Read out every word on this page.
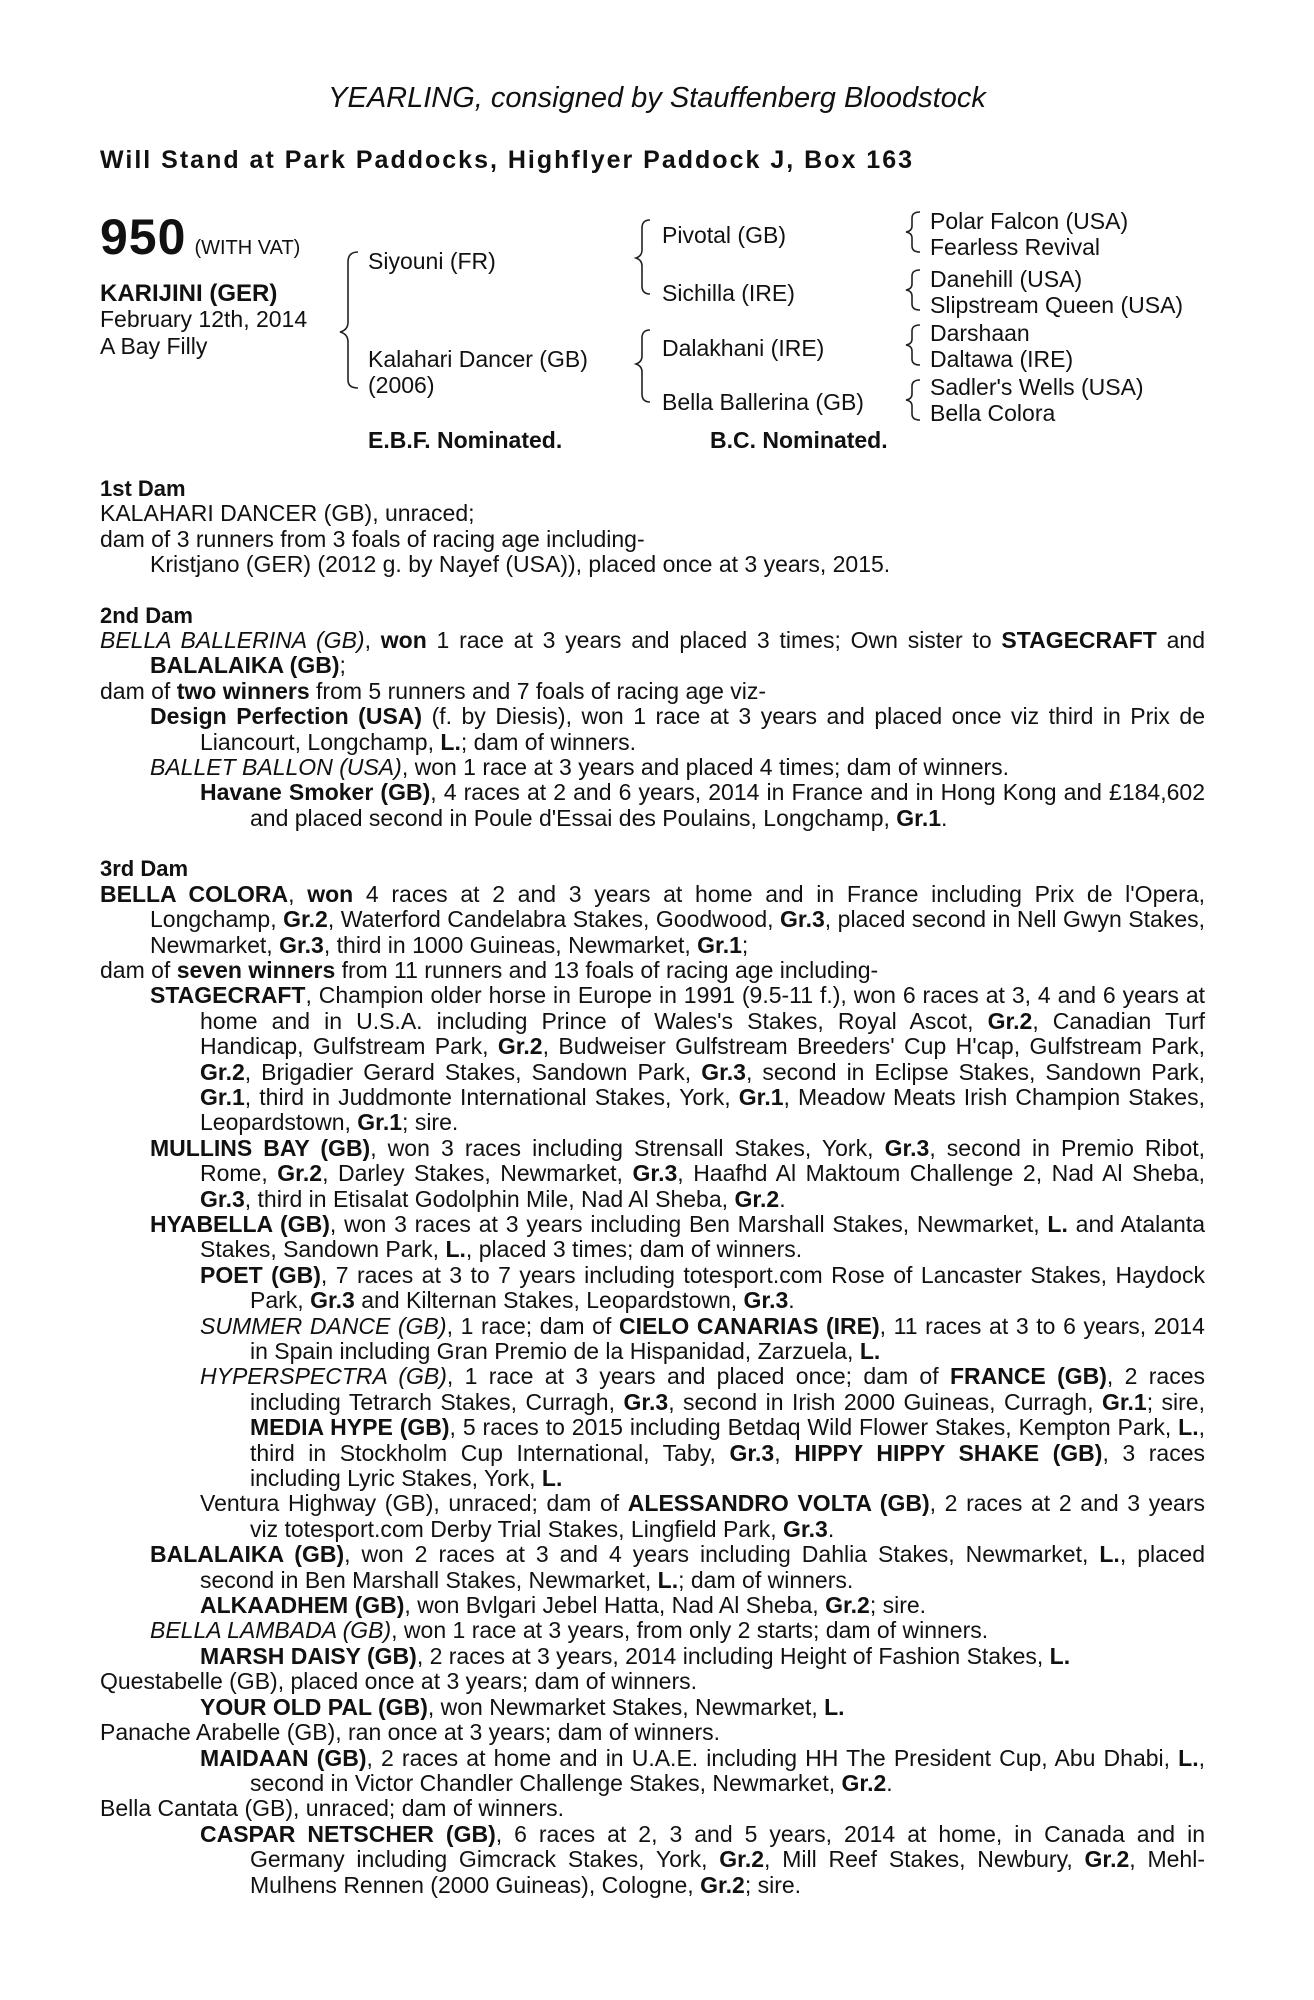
YEARLING, consigned by Stauffenberg Bloodstock
Will Stand at Park Paddocks, Highflyer Paddock J, Box 163
950 (WITH VAT)
KARIJINI (GER)
February 12th, 2014
A Bay Filly
Siyouni (FR)
Kalahari Dancer (GB)
(2006)
Pivotal (GB)
Sichilla (IRE)
Dalakhani (IRE)
Bella Ballerina (GB)
Polar Falcon (USA)
Fearless Revival
Danehill (USA)
Slipstream Queen (USA)
Darshaan
Daltawa (IRE)
Sadler's Wells (USA)
Bella Colora
E.B.F. Nominated.	B.C. Nominated.
1st Dam
KALAHARI DANCER (GB), unraced;
dam of 3 runners from 3 foals of racing age including-
Kristjano (GER) (2012 g. by Nayef (USA)), placed once at 3 years, 2015.
2nd Dam
BELLA BALLERINA (GB), won 1 race at 3 years and placed 3 times; Own sister to STAGECRAFT and BALALAIKA (GB);
dam of two winners from 5 runners and 7 foals of racing age viz-
Design Perfection (USA) (f. by Diesis), won 1 race at 3 years and placed once viz third in Prix de Liancourt, Longchamp, L.; dam of winners.
BALLET BALLON (USA), won 1 race at 3 years and placed 4 times; dam of winners.
Havane Smoker (GB), 4 races at 2 and 6 years, 2014 in France and in Hong Kong and £184,602 and placed second in Poule d'Essai des Poulains, Longchamp, Gr.1.
3rd Dam
BELLA COLORA, won 4 races at 2 and 3 years at home and in France including Prix de l'Opera, Longchamp, Gr.2, Waterford Candelabra Stakes, Goodwood, Gr.3, placed second in Nell Gwyn Stakes, Newmarket, Gr.3, third in 1000 Guineas, Newmarket, Gr.1;
dam of seven winners from 11 runners and 13 foals of racing age including-
STAGECRAFT, Champion older horse in Europe in 1991 (9.5-11 f.), won 6 races at 3, 4 and 6 years at home and in U.S.A. including Prince of Wales's Stakes, Royal Ascot, Gr.2, Canadian Turf Handicap, Gulfstream Park, Gr.2, Budweiser Gulfstream Breeders' Cup H'cap, Gulfstream Park, Gr.2, Brigadier Gerard Stakes, Sandown Park, Gr.3, second in Eclipse Stakes, Sandown Park, Gr.1, third in Juddmonte International Stakes, York, Gr.1, Meadow Meats Irish Champion Stakes, Leopardstown, Gr.1; sire.
MULLINS BAY (GB), won 3 races including Strensall Stakes, York, Gr.3, second in Premio Ribot, Rome, Gr.2, Darley Stakes, Newmarket, Gr.3, Haafhd Al Maktoum Challenge 2, Nad Al Sheba, Gr.3, third in Etisalat Godolphin Mile, Nad Al Sheba, Gr.2.
HYABELLA (GB), won 3 races at 3 years including Ben Marshall Stakes, Newmarket, L. and Atalanta Stakes, Sandown Park, L., placed 3 times; dam of winners.
POET (GB), 7 races at 3 to 7 years including totesport.com Rose of Lancaster Stakes, Haydock Park, Gr.3 and Kilternan Stakes, Leopardstown, Gr.3.
SUMMER DANCE (GB), 1 race; dam of CIELO CANARIAS (IRE), 11 races at 3 to 6 years, 2014 in Spain including Gran Premio de la Hispanidad, Zarzuela, L.
HYPERSPECTRA (GB), 1 race at 3 years and placed once; dam of FRANCE (GB), 2 races including Tetrarch Stakes, Curragh, Gr.3, second in Irish 2000 Guineas, Curragh, Gr.1; sire, MEDIA HYPE (GB), 5 races to 2015 including Betdaq Wild Flower Stakes, Kempton Park, L., third in Stockholm Cup International, Taby, Gr.3, HIPPY HIPPY SHAKE (GB), 3 races including Lyric Stakes, York, L.
Ventura Highway (GB), unraced; dam of ALESSANDRO VOLTA (GB), 2 races at 2 and 3 years viz totesport.com Derby Trial Stakes, Lingfield Park, Gr.3.
BALALAIKA (GB), won 2 races at 3 and 4 years including Dahlia Stakes, Newmarket, L., placed second in Ben Marshall Stakes, Newmarket, L.; dam of winners.
ALKAADHEM (GB), won Bvlgari Jebel Hatta, Nad Al Sheba, Gr.2; sire.
BELLA LAMBADA (GB), won 1 race at 3 years, from only 2 starts; dam of winners.
MARSH DAISY (GB), 2 races at 3 years, 2014 including Height of Fashion Stakes, L.
Questabelle (GB), placed once at 3 years; dam of winners.
YOUR OLD PAL (GB), won Newmarket Stakes, Newmarket, L.
Panache Arabelle (GB), ran once at 3 years; dam of winners.
MAIDAAN (GB), 2 races at home and in U.A.E. including HH The President Cup, Abu Dhabi, L., second in Victor Chandler Challenge Stakes, Newmarket, Gr.2.
Bella Cantata (GB), unraced; dam of winners.
CASPAR NETSCHER (GB), 6 races at 2, 3 and 5 years, 2014 at home, in Canada and in Germany including Gimcrack Stakes, York, Gr.2, Mill Reef Stakes, Newbury, Gr.2, Mehl-Mulhens Rennen (2000 Guineas), Cologne, Gr.2; sire.
